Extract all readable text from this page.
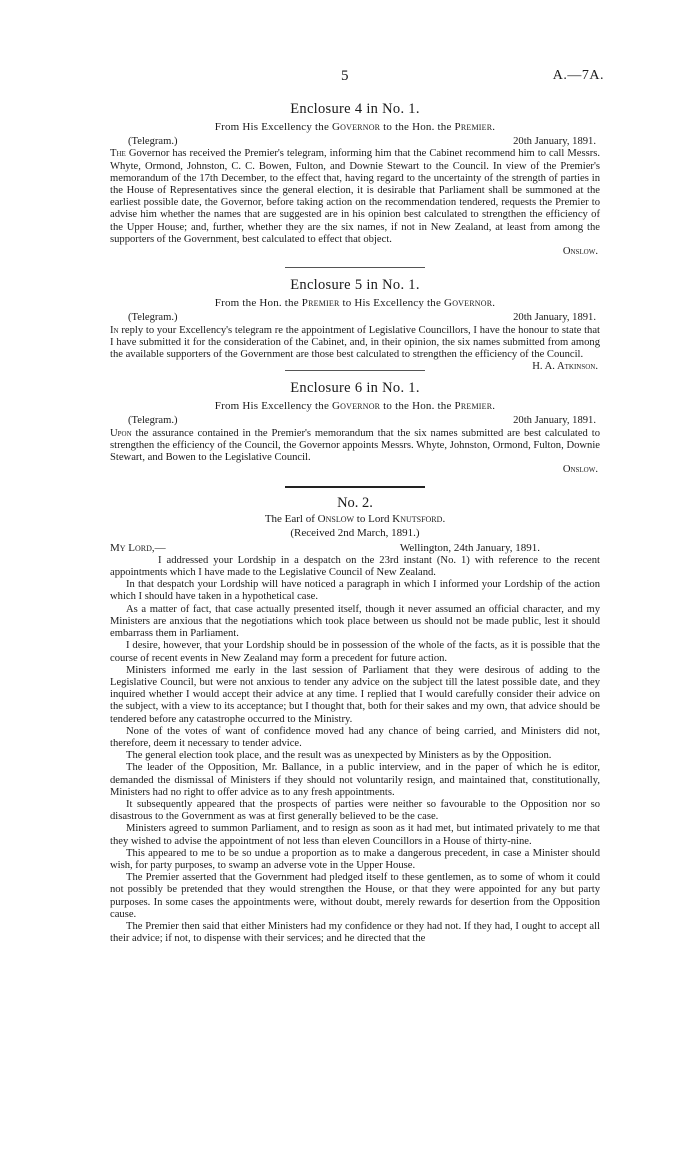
5	A.—7A.
Enclosure 4 in No. 1.
From His Excellency the Governor to the Hon. the Premier.
(Telegram.)	20th January, 1891.

The Governor has received the Premier's telegram, informing him that the Cabinet recommend him to call Messrs. Whyte, Ormond, Johnston, C. C. Bowen, Fulton, and Downie Stewart to the Council. In view of the Premier's memorandum of the 17th December, to the effect that, having regard to the uncertainty of the strength of parties in the House of Representatives since the general election, it is desirable that Parliament shall be summoned at the earliest possible date, the Governor, before taking action on the recommendation tendered, requests the Premier to advise him whether the names that are suggested are in his opinion best calculated to strengthen the efficiency of the Upper House; and, further, whether they are the six names, if not in New Zealand, at least from among the supporters of the Government, best calculated to effect that object.

Onslow.
Enclosure 5 in No. 1.
From the Hon. the Premier to His Excellency the Governor.
(Telegram.)	20th January, 1891.

In reply to your Excellency's telegram re the appointment of Legislative Councillors, I have the honour to state that I have submitted it for the consideration of the Cabinet, and, in their opinion, the six names submitted from among the available supporters of the Government are those best calculated to strengthen the efficiency of the Council.
H. A. Atkinson.

Enclosure 6 in No. 1.
From His Excellency the Governor to the Hon. the Premier.
(Telegram.)	20th January, 1891.

Upon the assurance contained in the Premier's memorandum that the six names submitted are best calculated to strengthen the efficiency of the Council, the Governor appoints Messrs. Whyte, Johnston, Ormond, Fulton, Downie Stewart, and Bowen to the Legislative Council.

Onslow.
No. 2.
The Earl of Onslow to Lord Knutsford.
(Received 2nd March, 1891.)
My Lord,—	Wellington, 24th January, 1891.

I addressed your Lordship in a despatch on the 23rd instant (No. 1) with reference to the recent appointments which I have made to the Legislative Council of New Zealand.

In that despatch your Lordship will have noticed a paragraph in which I informed your Lordship of the action which I should have taken in a hypothetical case.

As a matter of fact, that case actually presented itself, though it never assumed an official character, and my Ministers are anxious that the negotiations which took place between us should not be made public, lest it should embarrass them in Parliament.

I desire, however, that your Lordship should be in possession of the whole of the facts, as it is possible that the course of recent events in New Zealand may form a precedent for future action.

Ministers informed me early in the last session of Parliament that they were desirous of adding to the Legislative Council, but were not anxious to tender any advice on the subject till the latest possible date, and they inquired whether I would accept their advice at any time. I replied that I would carefully consider their advice on the subject, with a view to its acceptance; but I thought that, both for their sakes and my own, that advice should be tendered before any catastrophe occurred to the Ministry.

None of the votes of want of confidence moved had any chance of being carried, and Ministers did not, therefore, deem it necessary to tender advice.

The general election took place, and the result was as unexpected by Ministers as by the Opposition.

The leader of the Opposition, Mr. Ballance, in a public interview, and in the paper of which he is editor, demanded the dismissal of Ministers if they should not voluntarily resign, and maintained that, constitutionally, Ministers had no right to offer advice as to any fresh appointments.

It subsequently appeared that the prospects of parties were neither so favourable to the Opposition nor so disastrous to the Government as was at first generally believed to be the case.

Ministers agreed to summon Parliament, and to resign as soon as it had met, but intimated privately to me that they wished to advise the appointment of not less than eleven Councillors in a House of thirty-nine.

This appeared to me to be so undue a proportion as to make a dangerous precedent, in case a Minister should wish, for party purposes, to swamp an adverse vote in the Upper House.

The Premier asserted that the Government had pledged itself to these gentlemen, as to some of whom it could not possibly be pretended that they would strengthen the House, or that they were appointed for any but party purposes. In some cases the appointments were, without doubt, merely rewards for desertion from the Opposition cause.

The Premier then said that either Ministers had my confidence or they had not. If they had, I ought to accept all their advice; if not, to dispense with their services; and he directed that the
